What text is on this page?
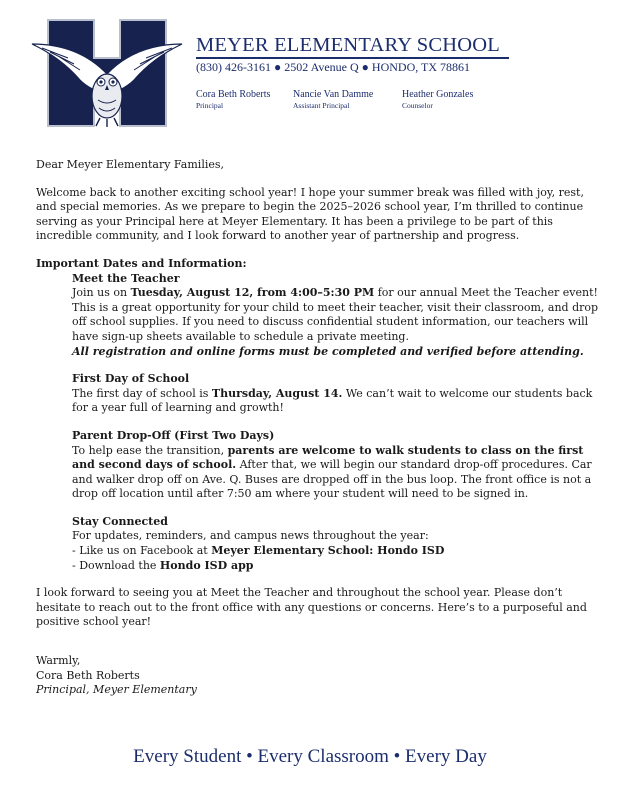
MEYER ELEMENTARY SCHOOL
(830) 426-3161 ● 2502 Avenue Q ● HONDO, TX 78861
Cora Beth Roberts
Principal
Nancie Van Damme
Assistant Principal
Heather Gonzales
Counselor
Dear Meyer Elementary Families,
Welcome back to another exciting school year! I hope your summer break was filled with joy, rest, and special memories. As we prepare to begin the 2025–2026 school year, I’m thrilled to continue serving as your Principal here at Meyer Elementary. It has been a privilege to be part of this incredible community, and I look forward to another year of partnership and progress.
Important Dates and Information:
Meet the Teacher
Join us on Tuesday, August 12, from 4:00–5:30 PM for our annual Meet the Teacher event! This is a great opportunity for your child to meet their teacher, visit their classroom, and drop off school supplies. If you need to discuss confidential student information, our teachers will have sign-up sheets available to schedule a private meeting.
All registration and online forms must be completed and verified before attending.
First Day of School
The first day of school is Thursday, August 14. We can’t wait to welcome our students back for a year full of learning and growth!
Parent Drop-Off (First Two Days)
To help ease the transition, parents are welcome to walk students to class on the first and second days of school. After that, we will begin our standard drop-off procedures. Car and walker drop off on Ave. Q. Buses are dropped off in the bus loop. The front office is not a drop off location until after 7:50 am where your student will need to be signed in.
Stay Connected
For updates, reminders, and campus news throughout the year:
- Like us on Facebook at Meyer Elementary School: Hondo ISD
- Download the Hondo ISD app
I look forward to seeing you at Meet the Teacher and throughout the school year. Please don’t hesitate to reach out to the front office with any questions or concerns. Here’s to a purposeful and positive school year!
Warmly,
Cora Beth Roberts
Principal, Meyer Elementary
Every Student • Every Classroom • Every Day
